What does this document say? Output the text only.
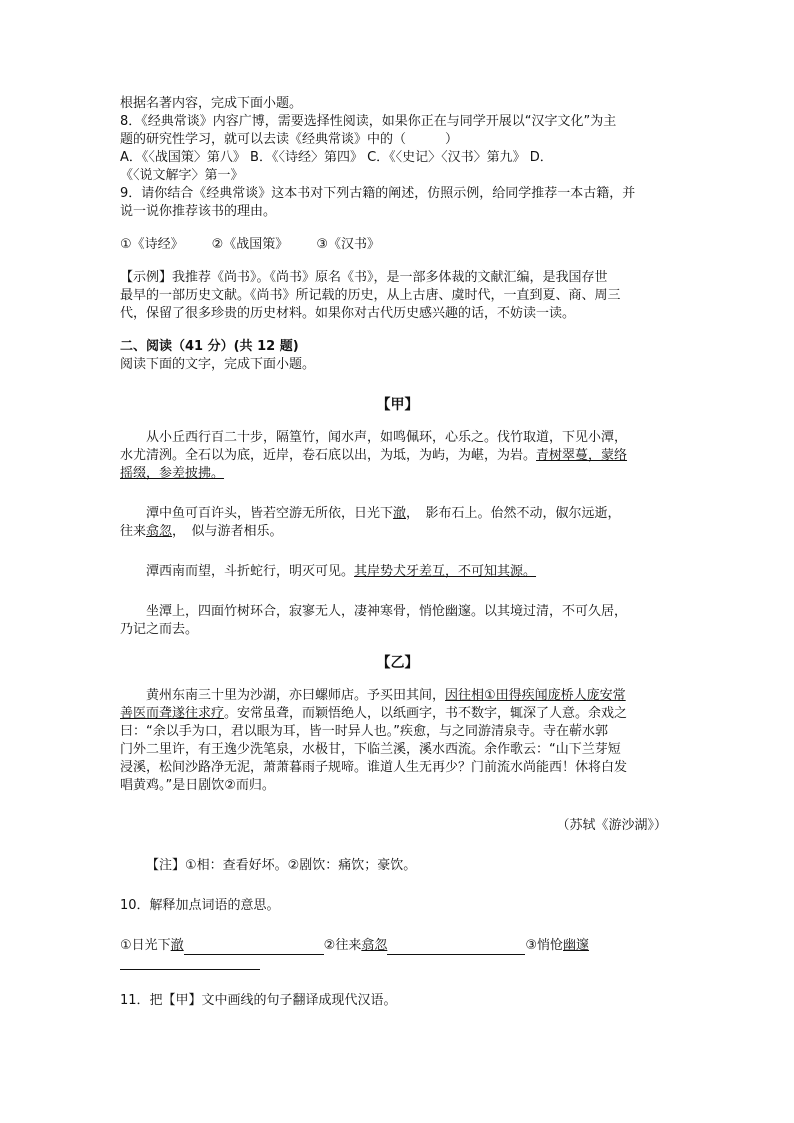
根据名著内容，完成下面小题。

8．《经典常谈》内容广博，需要选择性阅读，如果你正在与同学开展以“汉字文化”为主

题的研究性学习，就可以去读《经典常谈》中的（　　　）

A．《〈战国策〉第八》 B．《〈诗经〉第四》 C．《〈史记〉〈汉书〉第九》 D．

《〈说文解字〉第一》

9．请你结合《经典常谈》这本书对下列古籍的阐述，仿照示例，给同学推荐一本古籍，并

说一说你推荐该书的理由。

①《诗经》 ②《战国策》 ③《汉书》

【示例】我推荐《尚书》。《尚书》原名《书》，是一部多体裁的文献汇编，是我国存世

最早的一部历史文献。《尚书》所记载的历史，从上古唐、虞时代，一直到夏、商、周三

代，保留了很多珍贵的历史材料。如果你对古代历史感兴趣的话，不妨读一读。

二、阅读（41 分）(共 12 题)

阅读下面的文字，完成下面小题。

【甲】

从小丘西行百二十步，隔篁竹，闻水声，如鸣佩环，心乐之。伐竹取道，下见小潭，
水尤清洌。全石以为底，近岸，卷石底以出，为坻，为屿，为嵁，为岩。青树翠蔓，蒙络
摇缀，参差披拂。

潭中鱼可百许头，皆若空游无所依，日光下澈，　影布石上。佁然不动，俶尔远逝，
往来翕忽，　似与游者相乐。

潭西南而望，斗折蛇行，明灭可见。其岸势犬牙差互，不可知其源。

坐潭上，四面竹树环合，寂寥无人，凄神寒骨，悄怆幽邃。以其境过清，不可久居，
乃记之而去。

【乙】

黄州东南三十里为沙湖，亦曰螺师店。予买田其间，因往相①田得疾闻庞桥人庞安常
善医而聋遂往求疗。安常虽聋，而颖悟绝人，以纸画字，书不数字，辄深了人意。余戏之
曰：“余以手为口，君以眼为耳，皆一时异人也。”疾愈，与之同游清泉寺。寺在蕲水郭
门外二里许，有王逸少洗笔泉，水极甘，下临兰溪，溪水西流。余作歌云：“山下兰芽短
浸溪，松间沙路净无泥，萧萧暮雨子规啼。谁道人生无再少？门前流水尚能西！休将白发
唱黄鸡。”是日剧饮②而归。

（苏轼《游沙湖》）

【注】①相：查看好坏。②剧饮：痛饮；豪饮。

10．解释加点词语的意思。

①日光下澈	②往来翕忽	③悄怆幽邃

11．把【甲】文中画线的句子翻译成现代汉语。
